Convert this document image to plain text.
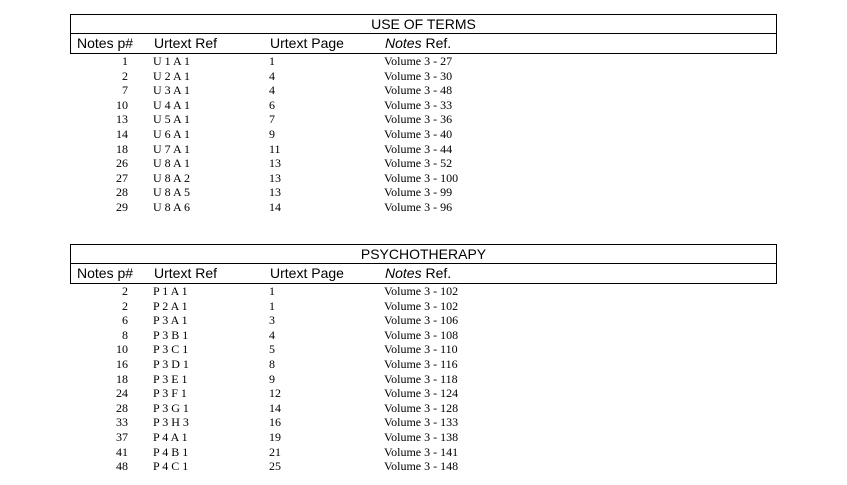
USE OF TERMS
Notes p# Urtext Ref	Urtext Page	Notes Ref.
1 U 1 A 1	1	Volume 3 - 27
2 U 2 A 1	4	Volume 3 - 30
7 U 3 A 1	4	Volume 3 - 48
10 U 4 A 1	6	Volume 3 - 33
13 U 5 A 1	7	Volume 3 - 36
14 U 6 A 1	9	Volume 3 - 40
18 U 7 A 1	11	Volume 3 - 44
26 U 8 A 1	13	Volume 3 - 52
27 U 8 A 2	13	Volume 3 - 100
28 U 8 A 5	13	Volume 3 - 99
29 U 8 A 6	14	Volume 3 - 96
PSYCHOTHERAPY
Notes p# Urtext Ref	Urtext Page	Notes Ref.
2 P 1 A 1	1	Volume 3 - 102
2 P 2 A 1	1	Volume 3 - 102
6 P 3 A 1	3	Volume 3 - 106
8 P 3 B 1	4	Volume 3 - 108
10 P 3 C 1	5	Volume 3 - 110
16 P 3 D 1	8	Volume 3 - 116
18 P 3 E 1	9	Volume 3 - 118
24 P 3 F 1	12	Volume 3 - 124
28 P 3 G 1	14	Volume 3 - 128
33 P 3 H 3	16	Volume 3 - 133
37 P 4 A 1	19	Volume 3 - 138
41 P 4 B 1	21	Volume 3 - 141
48 P 4 C 1	25	Volume 3 - 148
